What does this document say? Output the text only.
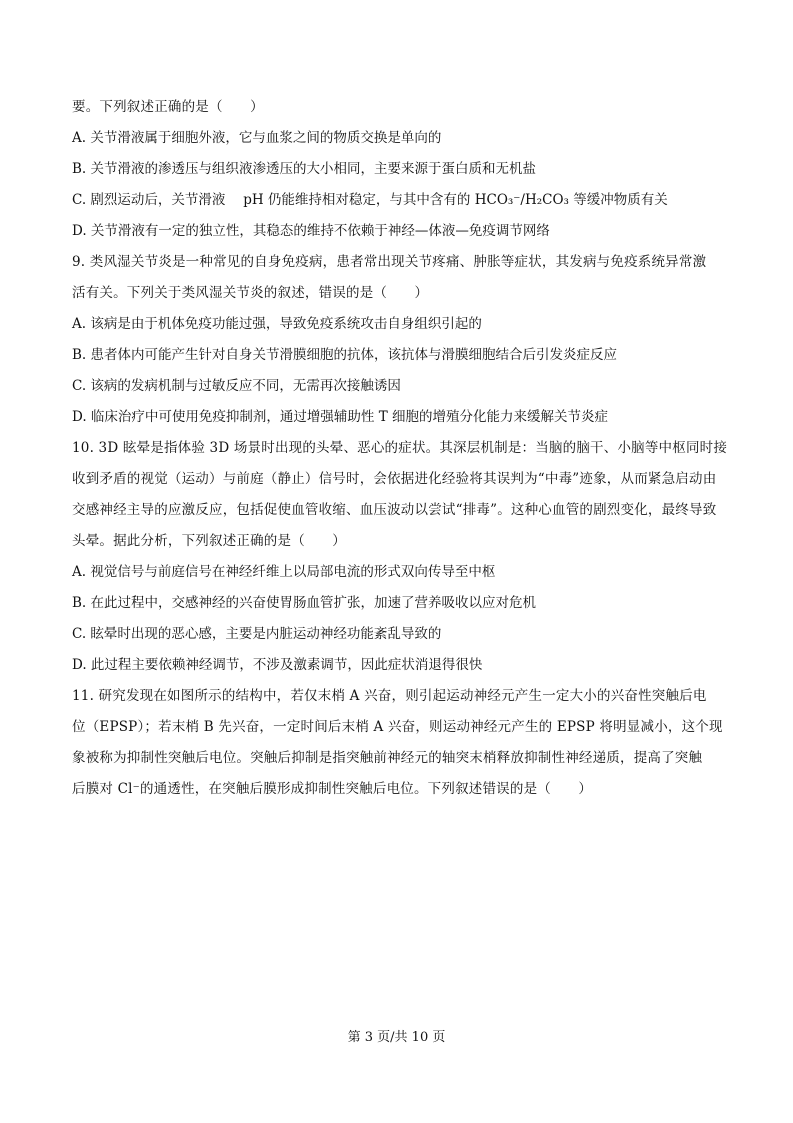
要。下列叙述正确的是（　　）
A. 关节滑液属于细胞外液，它与血浆之间的物质交换是单向的
B. 关节滑液的渗透压与组织液渗透压的大小相同，主要来源于蛋白质和无机盐
C. 剧烈运动后，关节滑液　 pH 仍能维持相对稳定，与其中含有的 HCO₃⁻/H₂CO₃ 等缓冲物质有关
D. 关节滑液有一定的独立性，其稳态的维持不依赖于神经—体液—免疫调节网络
9. 类风湿关节炎是一种常见的自身免疫病，患者常出现关节疼痛、肿胀等症状，其发病与免疫系统异常激
活有关。下列关于类风湿关节炎的叙述，错误的是（　　）
A. 该病是由于机体免疫功能过强，导致免疫系统攻击自身组织引起的
B. 患者体内可能产生针对自身关节滑膜细胞的抗体，该抗体与滑膜细胞结合后引发炎症反应
C. 该病的发病机制与过敏反应不同，无需再次接触诱因
D. 临床治疗中可使用免疫抑制剂，通过增强辅助性 T 细胞的增殖分化能力来缓解关节炎症
10. 3D 眩晕是指体验 3D 场景时出现的头晕、恶心的症状。其深层机制是：当脑的脑干、小脑等中枢同时接
收到矛盾的视觉（运动）与前庭（静止）信号时，会依据进化经验将其误判为“中毒”迹象，从而紧急启动由
交感神经主导的应激反应，包括促使血管收缩、血压波动以尝试“排毒”。这种心血管的剧烈变化，最终导致
头晕。据此分析，下列叙述正确的是（　　）
A. 视觉信号与前庭信号在神经纤维上以局部电流的形式双向传导至中枢
B. 在此过程中，交感神经的兴奋使胃肠血管扩张，加速了营养吸收以应对危机
C. 眩晕时出现的恶心感，主要是内脏运动神经功能紊乱导致的
D. 此过程主要依赖神经调节，不涉及激素调节，因此症状消退得很快
11. 研究发现在如图所示的结构中，若仅末梢 A 兴奋，则引起运动神经元产生一定大小的兴奋性突触后电
位（EPSP）；若末梢 B 先兴奋，一定时间后末梢 A 兴奋，则运动神经元产生的 EPSP 将明显减小，这个现
象被称为抑制性突触后电位。突触后抑制是指突触前神经元的轴突末梢释放抑制性神经递质，提高了突触
后膜对 Cl⁻的通透性，在突触后膜形成抑制性突触后电位。下列叙述错误的是（　　）
第 3 页/共 10 页
